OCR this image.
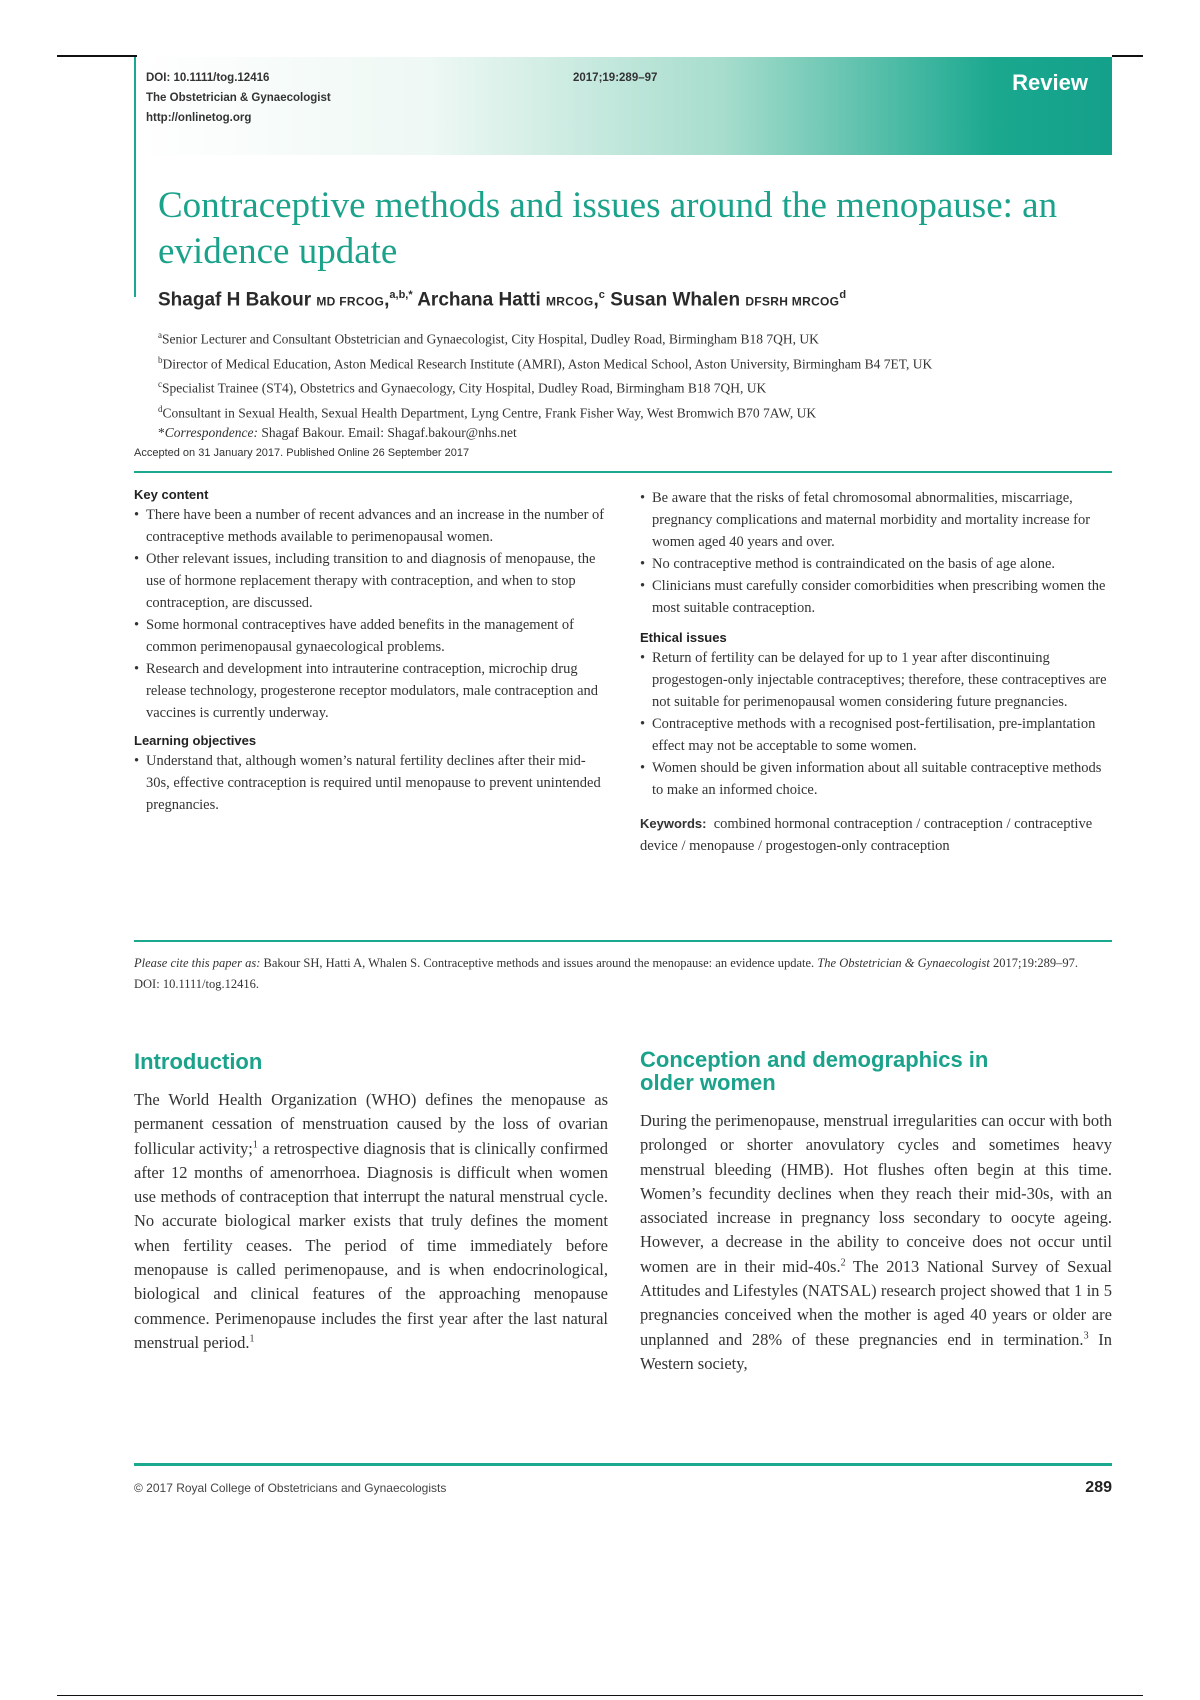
DOI: 10.1111/tog.12416
The Obstetrician & Gynaecologist
http://onlinetog.org
2017;19:289–97	Review
Contraceptive methods and issues around the menopause: an evidence update
Shagaf H Bakour MD FRCOG,$^{a,b,*}$ Archana Hatti MRCOG,$^c$ Susan Whalen DFSRH MRCOG$^d$
$^a$Senior Lecturer and Consultant Obstetrician and Gynaecologist, City Hospital, Dudley Road, Birmingham B18 7QH, UK
$^b$Director of Medical Education, Aston Medical Research Institute (AMRI), Aston Medical School, Aston University, Birmingham B4 7ET, UK
$^c$Specialist Trainee (ST4), Obstetrics and Gynaecology, City Hospital, Dudley Road, Birmingham B18 7QH, UK
$^d$Consultant in Sexual Health, Sexual Health Department, Lyng Centre, Frank Fisher Way, West Bromwich B70 7AW, UK
*Correspondence: Shagaf Bakour. Email: Shagaf.bakour@nhs.net
Accepted on 31 January 2017. Published Online 26 September 2017
Key content
• There have been a number of recent advances and an increase in the number of contraceptive methods available to perimenopausal women.
• Other relevant issues, including transition to and diagnosis of menopause, the use of hormone replacement therapy with contraception, and when to stop contraception, are discussed.
• Some hormonal contraceptives have added benefits in the management of common perimenopausal gynaecological problems.
• Research and development into intrauterine contraception, microchip drug release technology, progesterone receptor modulators, male contraception and vaccines is currently underway.
Learning objectives
• Understand that, although women’s natural fertility declines after their mid-30s, effective contraception is required until menopause to prevent unintended pregnancies.
• Be aware that the risks of fetal chromosomal abnormalities, miscarriage, pregnancy complications and maternal morbidity and mortality increase for women aged 40 years and over.
• No contraceptive method is contraindicated on the basis of age alone.
• Clinicians must carefully consider comorbidities when prescribing women the most suitable contraception.
Ethical issues
• Return of fertility can be delayed for up to 1 year after discontinuing progestogen-only injectable contraceptives; therefore, these contraceptives are not suitable for perimenopausal women considering future pregnancies.
• Contraceptive methods with a recognised post-fertilisation, pre-implantation effect may not be acceptable to some women.
• Women should be given information about all suitable contraceptive methods to make an informed choice.
Keywords: combined hormonal contraception / contraception / contraceptive device / menopause / progestogen-only contraception
Please cite this paper as: Bakour SH, Hatti A, Whalen S. Contraceptive methods and issues around the menopause: an evidence update. The Obstetrician & Gynaecologist 2017;19:289–97. DOI: 10.1111/tog.12416.
Introduction
The World Health Organization (WHO) defines the menopause as permanent cessation of menstruation caused by the loss of ovarian follicular activity;$^1$ a retrospective diagnosis that is clinically confirmed after 12 months of amenorrhoea. Diagnosis is difficult when women use methods of contraception that interrupt the natural menstrual cycle. No accurate biological marker exists that truly defines the moment when fertility ceases. The period of time immediately before menopause is called perimenopause, and is when endocrinological, biological and clinical features of the approaching menopause commence. Perimenopause includes the first year after the last natural menstrual period.$^1$
Conception and demographics in
older women
During the perimenopause, menstrual irregularities can occur with both prolonged or shorter anovulatory cycles and sometimes heavy menstrual bleeding (HMB). Hot flushes often begin at this time. Women’s fecundity declines when they reach their mid-30s, with an associated increase in pregnancy loss secondary to oocyte ageing. However, a decrease in the ability to conceive does not occur until women are in their mid-40s.$^2$ The 2013 National Survey of Sexual Attitudes and Lifestyles (NATSAL) research project showed that 1 in 5 pregnancies conceived when the mother is aged 40 years or older are unplanned and 28% of these pregnancies end in termination.$^3$ In Western society,
© 2017 Royal College of Obstetricians and Gynaecologists	289
